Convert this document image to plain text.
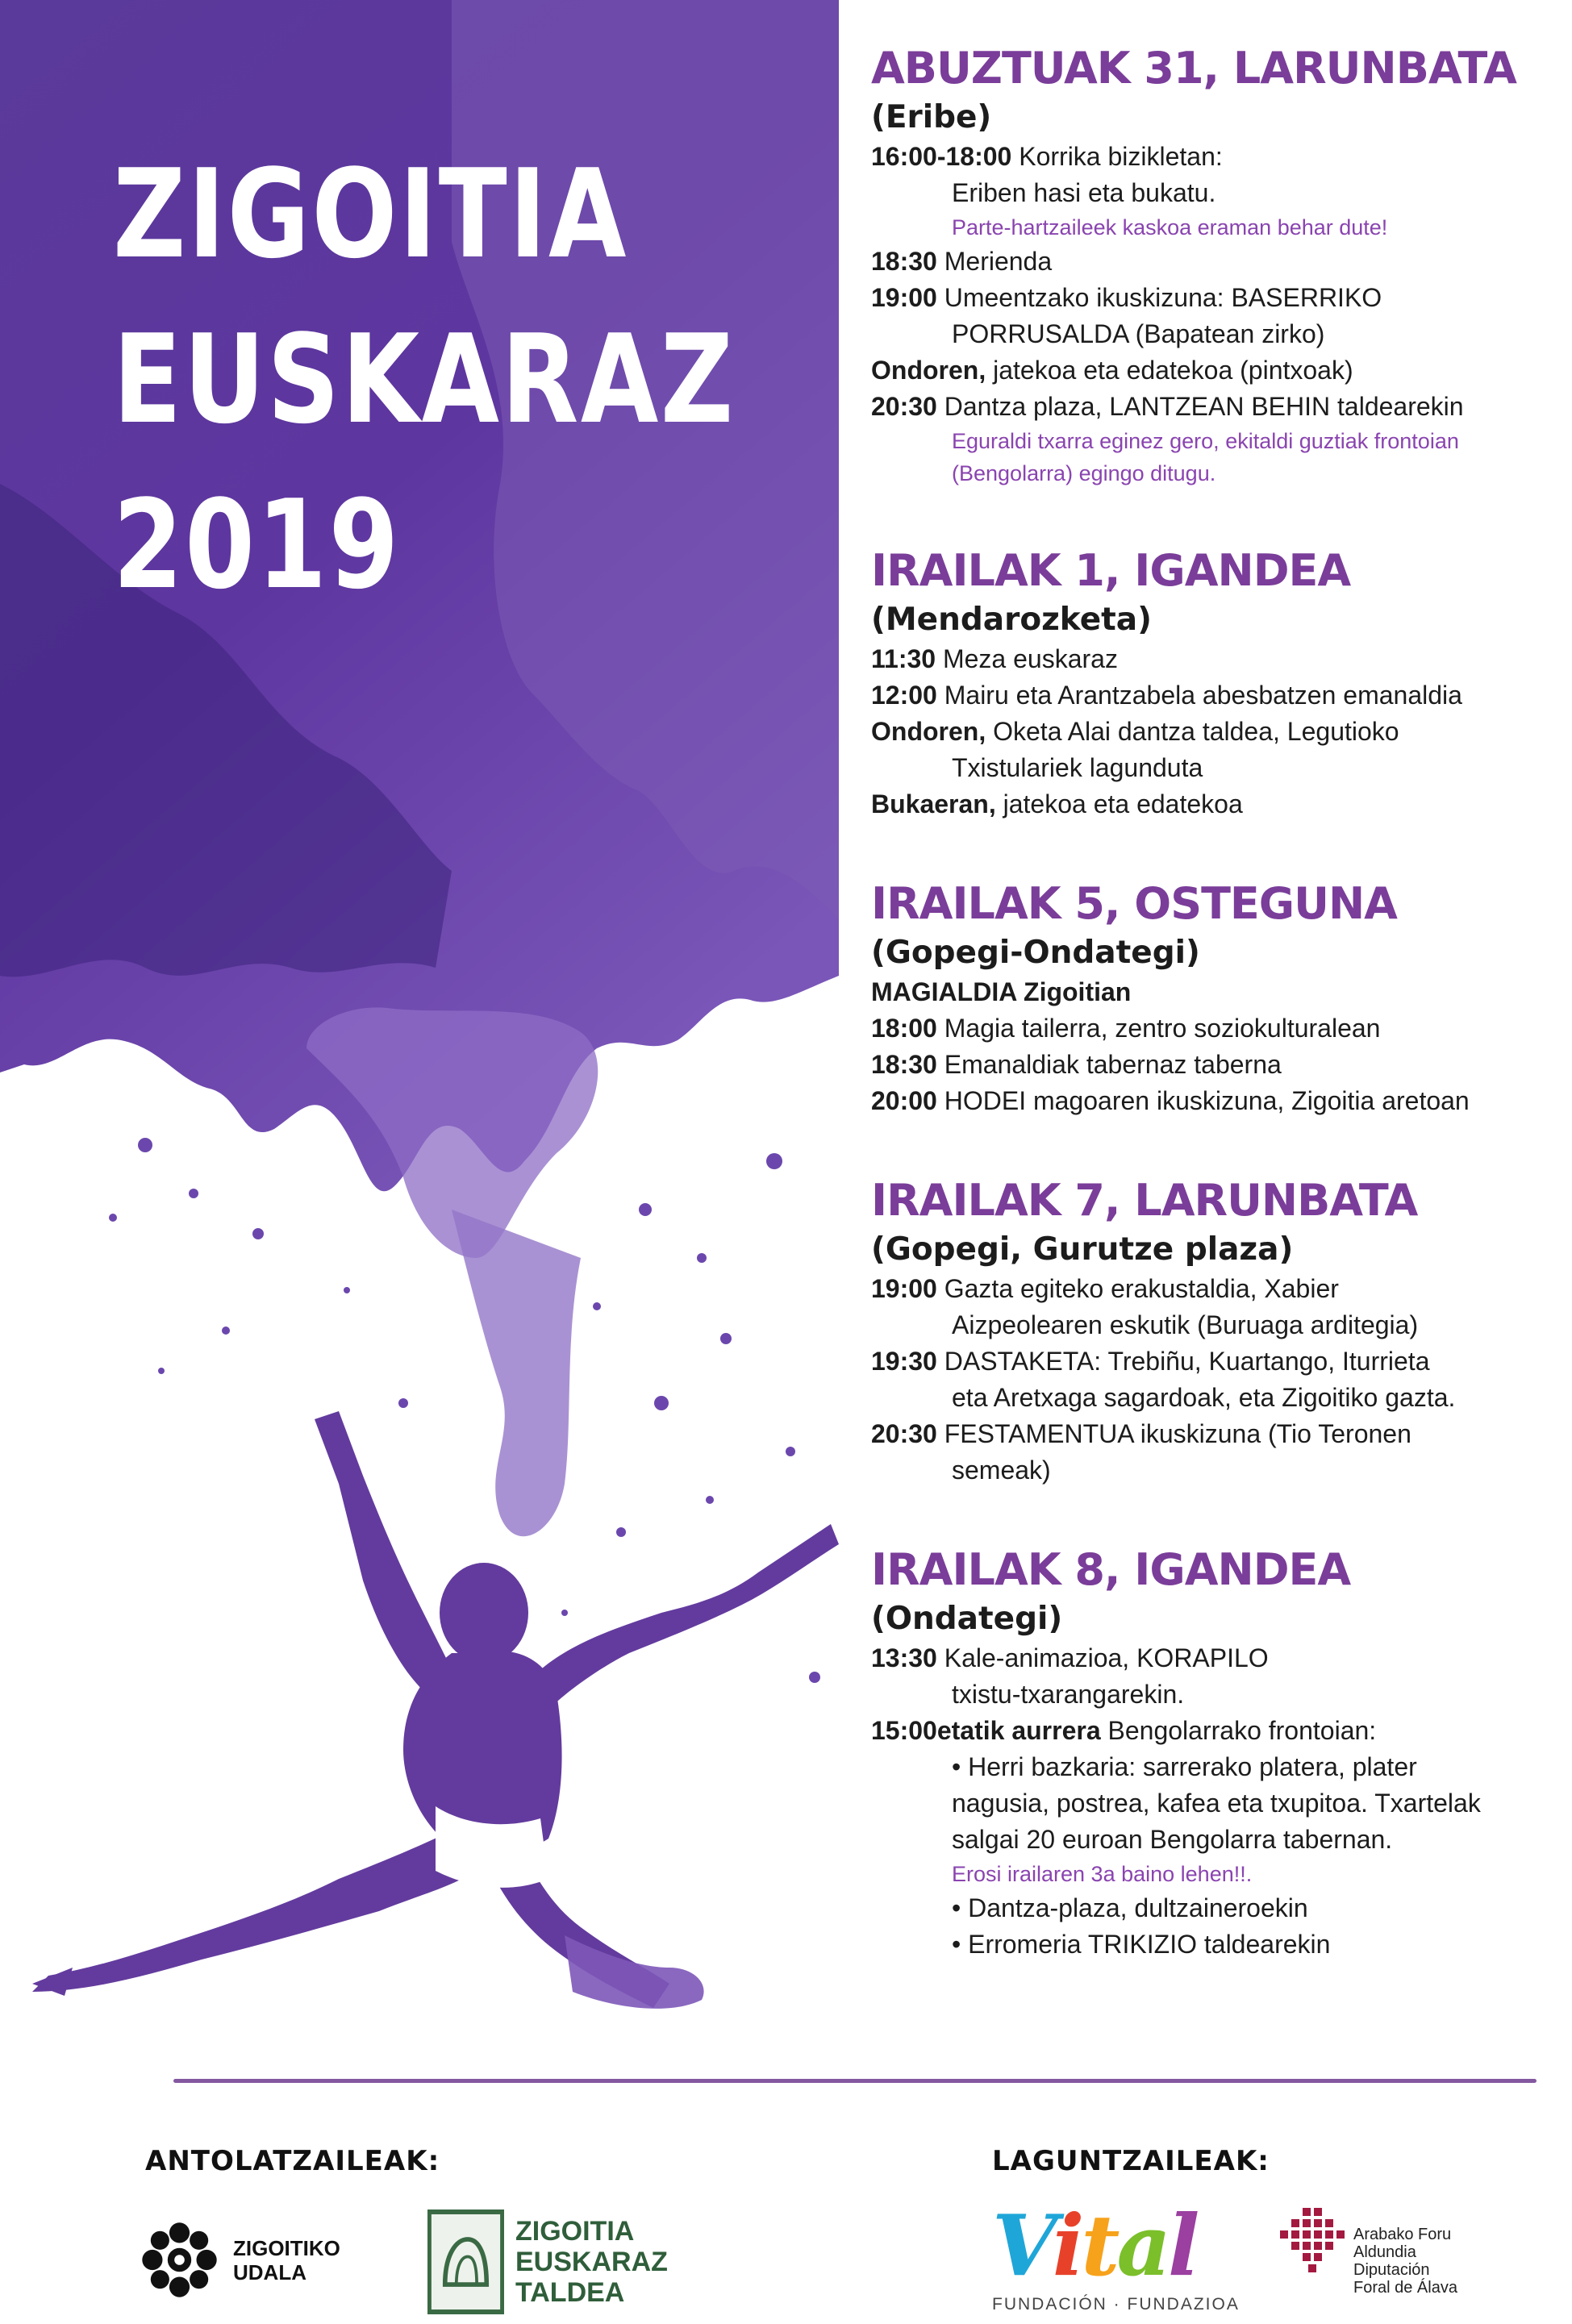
ZIGOITIA
EUSKARAZ
2019
ABUZTUAK 31, LARUNBATA
(Eribe)
16:00-18:00 Korrika bizikletan:
Eriben hasi eta bukatu.
Parte-hartzaileek kaskoa eraman behar dute!
18:30 Merienda
19:00 Umeentzako ikuskizuna: BASERRIKO
PORRUSALDA (Bapatean zirko)
Ondoren, jatekoa eta edatekoa (pintxoak)
20:30 Dantza plaza, LANTZEAN BEHIN taldearekin
Eguraldi txarra eginez gero, ekitaldi guztiak frontoian
(Bengolarra) egingo ditugu.
IRAILAK 1, IGANDEA
(Mendarozketa)
11:30 Meza euskaraz
12:00 Mairu eta Arantzabela abesbatzen emanaldia
Ondoren, Oketa Alai dantza taldea, Legutioko
Txistulariek lagunduta
Bukaeran, jatekoa eta edatekoa
IRAILAK 5, OSTEGUNA
(Gopegi-Ondategi)
MAGIALDIA Zigoitian
18:00 Magia tailerra, zentro soziokulturalean
18:30 Emanaldiak tabernaz taberna
20:00 HODEI magoaren ikuskizuna, Zigoitia aretoan
IRAILAK 7, LARUNBATA
(Gopegi, Gurutze plaza)
19:00 Gazta egiteko erakustaldia, Xabier
Aizpeolearen eskutik (Buruaga arditegia)
19:30 DASTAKETA: Trebiñu, Kuartango, Iturrieta
eta Aretxaga sagardoak, eta Zigoitiko gazta.
20:30 FESTAMENTUA ikuskizuna (Tio Teronen
semeak)
IRAILAK 8, IGANDEA
(Ondategi)
13:30 Kale-animazioa, KORAPILO
txistu-txarangarekin.
15:00etatik aurrera Bengolarrako frontoian:
• Herri bazkaria: sarrerako platera, plater
nagusia, postrea, kafea eta txupitoa. Txartelak
salgai 20 euroan Bengolarra tabernan.
Erosi irailaren 3a baino lehen!!.
• Dantza-plaza, dultzaineroekin
• Erromeria TRIKIZIO taldearekin
ANTOLATZAILEAK:	LAGUNTZAILEAK:
ZIGOITIKO
UDALA
ZIGOITIA
EUSKARAZ
TALDEA	Vital
FUNDACIÓN · FUNDAZIOA
Arabako Foru
Aldundia
Diputación
Foral de Álava
